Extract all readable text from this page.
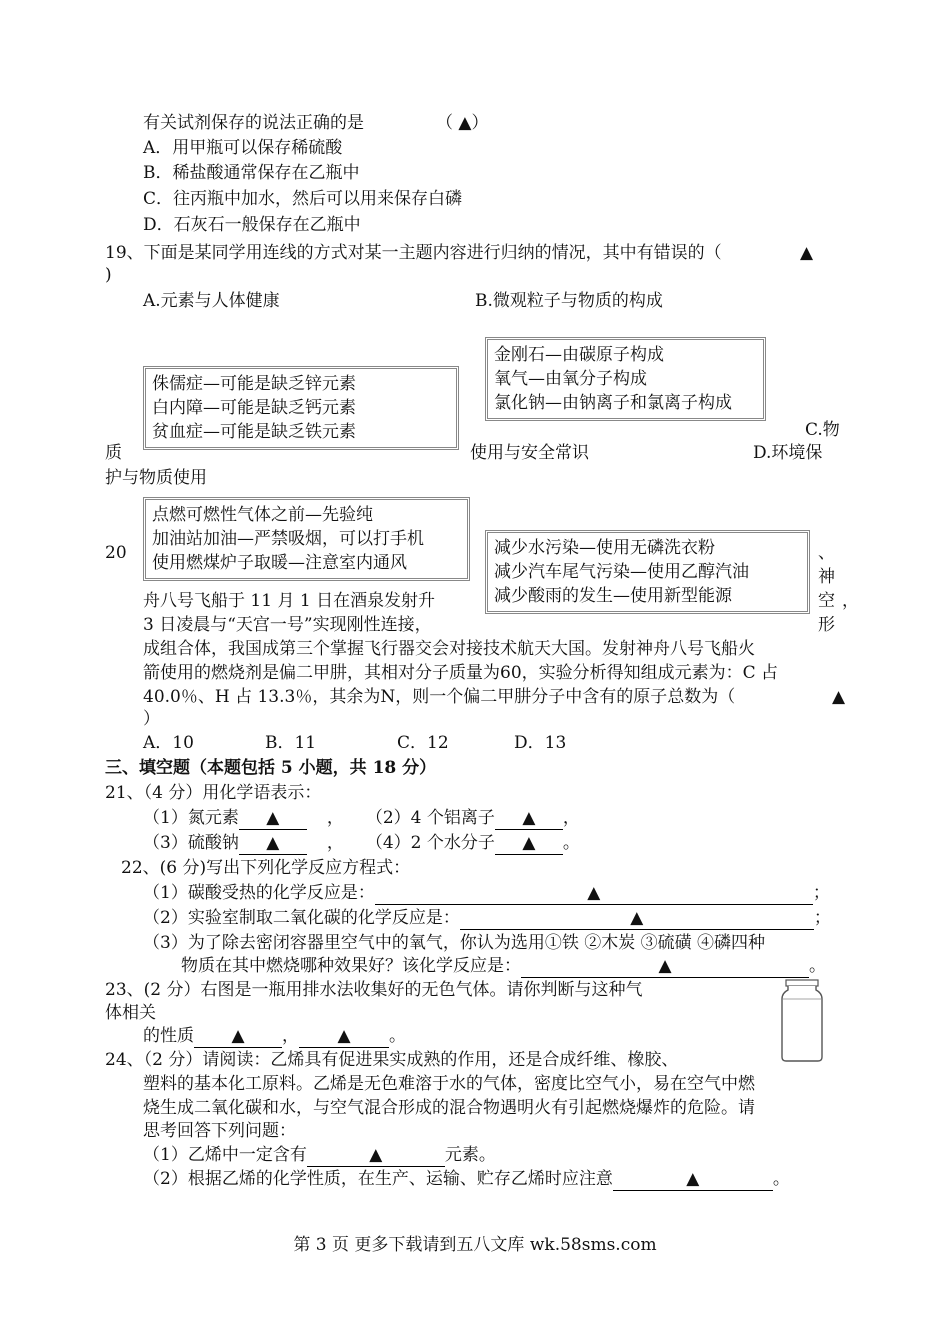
有关试剂保存的说法正确的是	（ ▲）
A．用甲瓶可以保存稀硫酸
B．稀盐酸通常保存在乙瓶中
C．往丙瓶中加水，然后可以用来保存白磷
D．石灰石一般保存在乙瓶中
19、下面是某同学用连线的方式对某一主题内容进行归纳的情况，其中有错误的（	▲
)
A.元素与人体健康	B.微观粒子与物质的构成
金刚石—由碳原子构成
氧气—由氧分子构成
氯化钠—由钠离子和氯离子构成
侏儒症—可能是缺乏锌元素
白内障—可能是缺乏钙元素
贫血症—可能是缺乏铁元素	C.物
质	使用与安全常识	D.环境保
护与物质使用
点燃可燃性气体之前—先验纯
加油站加油—严禁吸烟，可以打手机
使用燃煤炉子取暖—注意室内通风
减少水污染—使用无磷洗衣粉
减少汽车尾气污染—使用乙醇汽油
减少酸雨的发生—使用新型能源
20	、
神
空 ，
形
舟八号飞船于 11 月 1 日在酒泉发射升
3 日凌晨与“天宫一号”实现刚性连接，
成组合体，我国成第三个掌握飞行器交会对接技术航天大国。发射神舟八号飞船火
箭使用的燃烧剂是偏二甲肼，其相对分子质量为60，实验分析得知组成元素为：C 占
40.0％、H 占 13.3％，其余为N，则一个偏二甲肼分子中含有的原子总数为（	▲
）
A．10	B．11	C．12	D．13
三、填空题（本题包括 5 小题，共 18 分）
21、（4 分）用化学语表示：
（1）氮元素 ▲	， （2）4 个铝离子 ▲ ，
（3）硫酸钠 ▲	， （4）2 个水分子 ▲ 。
22、(6 分)写出下列化学反应方程式：
（1）碳酸受热的化学反应是：	▲	；
（2）实验室制取二氧化碳的化学反应是：	▲	；
（3）为了除去密闭容器里空气中的氧气，你认为选用①铁 ②木炭 ③硫磺 ④磷四种
物质在其中燃烧哪种效果好？该化学反应是：	▲	。
23、(2 分）右图是一瓶用排水法收集好的无色气体。请你判断与这种气
体相关
的性质 ▲ ， ▲ 。
24、（2 分）请阅读：乙烯具有促进果实成熟的作用，还是合成纤维、橡胶、
塑料的基本化工原料。乙烯是无色难溶于水的气体，密度比空气小，易在空气中燃
烧生成二氧化碳和水，与空气混合形成的混合物遇明火有引起燃烧爆炸的危险。请
思考回答下列问题：
（1）乙烯中一定含有	▲	元素。
（2）根据乙烯的化学性质，在生产、运输、贮存乙烯时应注意	▲	。
第 3 页 更多下载请到五八文库 wk.58sms.com
